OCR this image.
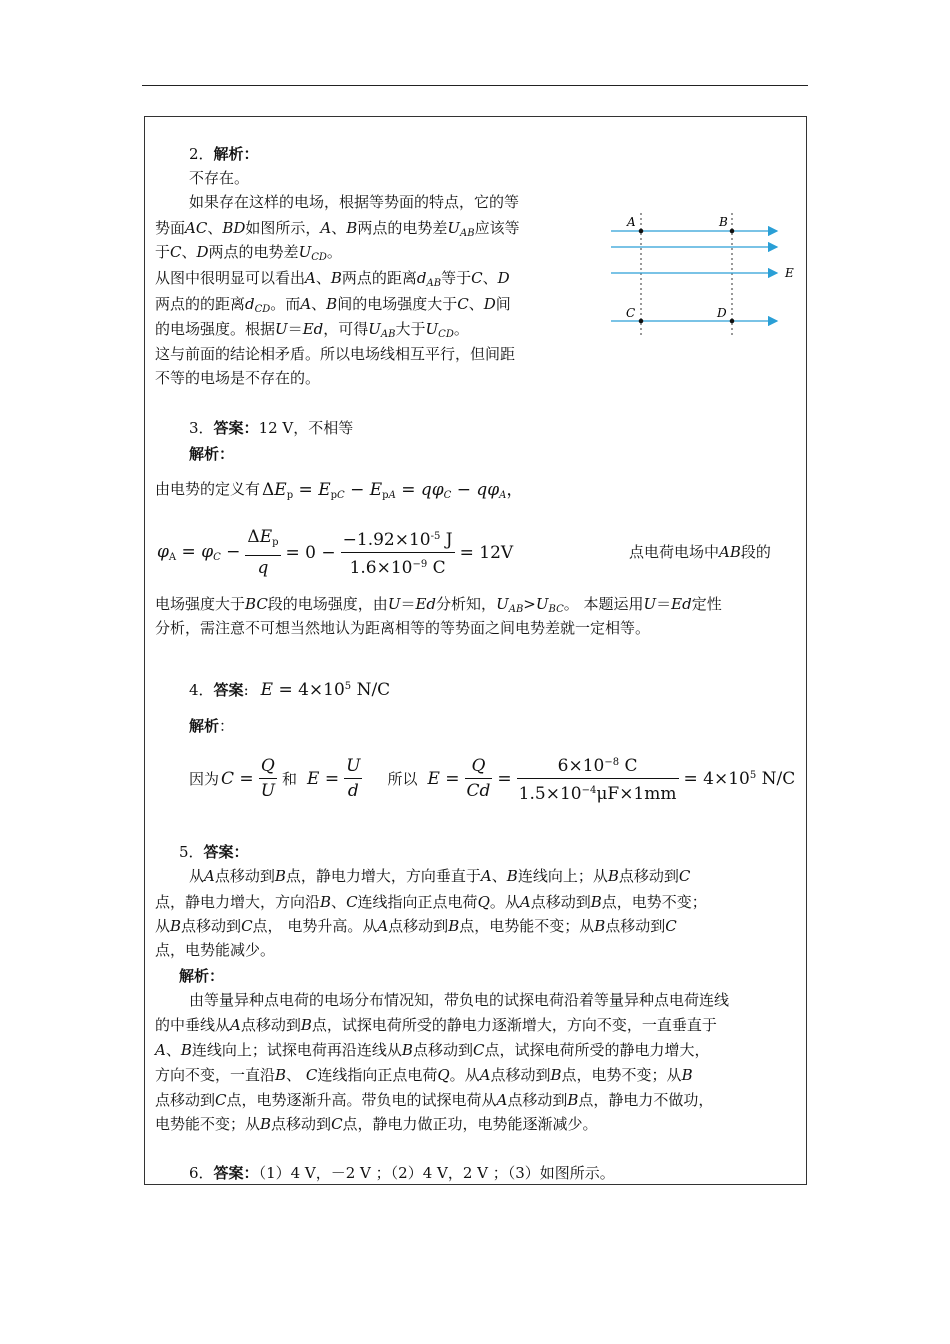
2．解析：
不存在。
如果存在这样的电场，根据等势面的特点，它的等
势面AC、BD如图所示，A、B两点的电势差$U_{AB}$应该等
于C、D两点的电势差$U_{CD}$。
从图中很明显可以看出A、B两点的距离$d_{AB}$等于C、D
两点的的距离$d_{CD}$。而A、B间的电场强度大于C、D间
的电场强度。根据U＝Ed，可得$U_{AB}$大于$U_{CD}$。
这与前面的结论相矛盾。所以电场线相互平行，但间距
不等的电场是不存在的。
A	B
C	D
E
3．答案：12 V，不相等
解析：
由电势的定义有 $\Delta E_p = E_{pC} - E_{pA} = q\varphi_C - q\varphi_A$，
$\varphi_A = \varphi_C - \frac{\Delta E_p}{q} = 0 - \frac{-1.92\times 10^{-5} J}{1.6\times 10^{-9} C} = 12V$	点电荷电场中AB段的
电场强度大于BC段的电场强度，由U＝Ed分析知，$U_{AB}>U_{BC}$。 本题运用U＝Ed定性
分析，需注意不可想当然地认为距离相等的等势面之间电势差就一定相等。
4．答案: $E = 4\times 10^5$ N/C
解析：
因为 $C = \frac{Q}{U}$ 和 $E = \frac{U}{d}$ 所以 $E = \frac{Q}{Cd} = \frac{6\times 10^{-8} C}{1.5\times 10^{-4}\mu F\times 1mm} = 4\times 10^5$ N/C
5．答案：
从A点移动到B点，静电力增大，方向垂直于A、B连线向上；从B点移动到C
点，静电力增大，方向沿B、C连线指向正点电荷Q。从A点移动到B点，电势不变；
从B点移动到C点， 电势升高。从A点移动到B点，电势能不变；从B点移动到C
点，电势能减少。
解析：
由等量异种点电荷的电场分布情况知，带负电的试探电荷沿着等量异种点电荷连线
的中垂线从A点移动到B点，试探电荷所受的静电力逐渐增大，方向不变，一直垂直于
A、B连线向上；试探电荷再沿连线从B点移动到C点，试探电荷所受的静电力增大，
方向不变，一直沿B、 C连线指向正点电荷Q。从A点移动到B点，电势不变；从B
点移动到C点，电势逐渐升高。带负电的试探电荷从A点移动到B点，静电力不做功，
电势能不变；从B点移动到C点，静电力做正功，电势能逐渐减少。
6．答案：（1）4 V，－2 V ；（2）4 V，2 V ；（3）如图所示。
